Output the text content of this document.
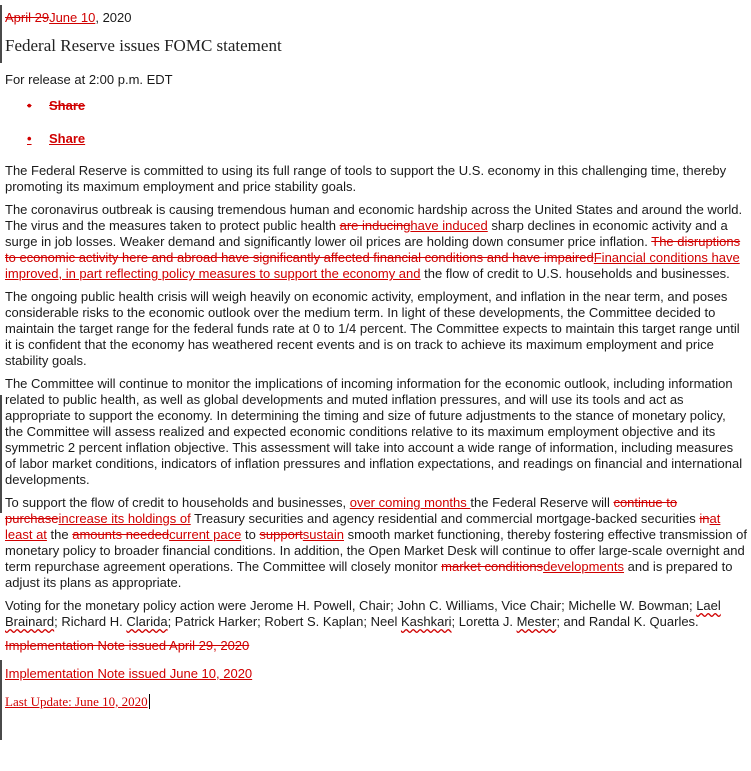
April 29June 10, 2020
Federal Reserve issues FOMC statement
For release at 2:00 p.m. EDT
• Share
• Share

The Federal Reserve is committed to using its full range of tools to support the U.S. economy in this challenging time, thereby promoting its maximum employment and price stability goals.

The coronavirus outbreak is causing tremendous human and economic hardship across the United States and around the world. The virus and the measures taken to protect public health are inducinghave induced sharp declines in economic activity and a surge in job losses. Weaker demand and significantly lower oil prices are holding down consumer price inflation. The disruptions to economic activity here and abroad have significantly affected financial conditions and have impairedFinancial conditions have improved, in part reflecting policy measures to support the economy and the flow of credit to U.S. households and businesses.

The ongoing public health crisis will weigh heavily on economic activity, employment, and inflation in the near term, and poses considerable risks to the economic outlook over the medium term. In light of these developments, the Committee decided to maintain the target range for the federal funds rate at 0 to 1/4 percent. The Committee expects to maintain this target range until it is confident that the economy has weathered recent events and is on track to achieve its maximum employment and price stability goals.

The Committee will continue to monitor the implications of incoming information for the economic outlook, including information related to public health, as well as global developments and muted inflation pressures, and will use its tools and act as appropriate to support the economy. In determining the timing and size of future adjustments to the stance of monetary policy, the Committee will assess realized and expected economic conditions relative to its maximum employment objective and its symmetric 2 percent inflation objective. This assessment will take into account a wide range of information, including measures of labor market conditions, indicators of inflation pressures and inflation expectations, and readings on financial and international developments.

To support the flow of credit to households and businesses, over coming months the Federal Reserve will continue to purchaseincrease its holdings of Treasury securities and agency residential and commercial mortgage-backed securities inat least at the amounts neededcurrent pace to supportsustain smooth market functioning, thereby fostering effective transmission of monetary policy to broader financial conditions. In addition, the Open Market Desk will continue to offer large-scale overnight and term repurchase agreement operations. The Committee will closely monitor market conditionsdevelopments and is prepared to adjust its plans as appropriate.

Voting for the monetary policy action were Jerome H. Powell, Chair; John C. Williams, Vice Chair; Michelle W. Bowman; Lael Brainard; Richard H. Clarida; Patrick Harker; Robert S. Kaplan; Neel Kashkari; Loretta J. Mester; and Randal K. Quarles.

Implementation Note issued April 29, 2020
Implementation Note issued June 10, 2020
Last Update: June 10, 2020
